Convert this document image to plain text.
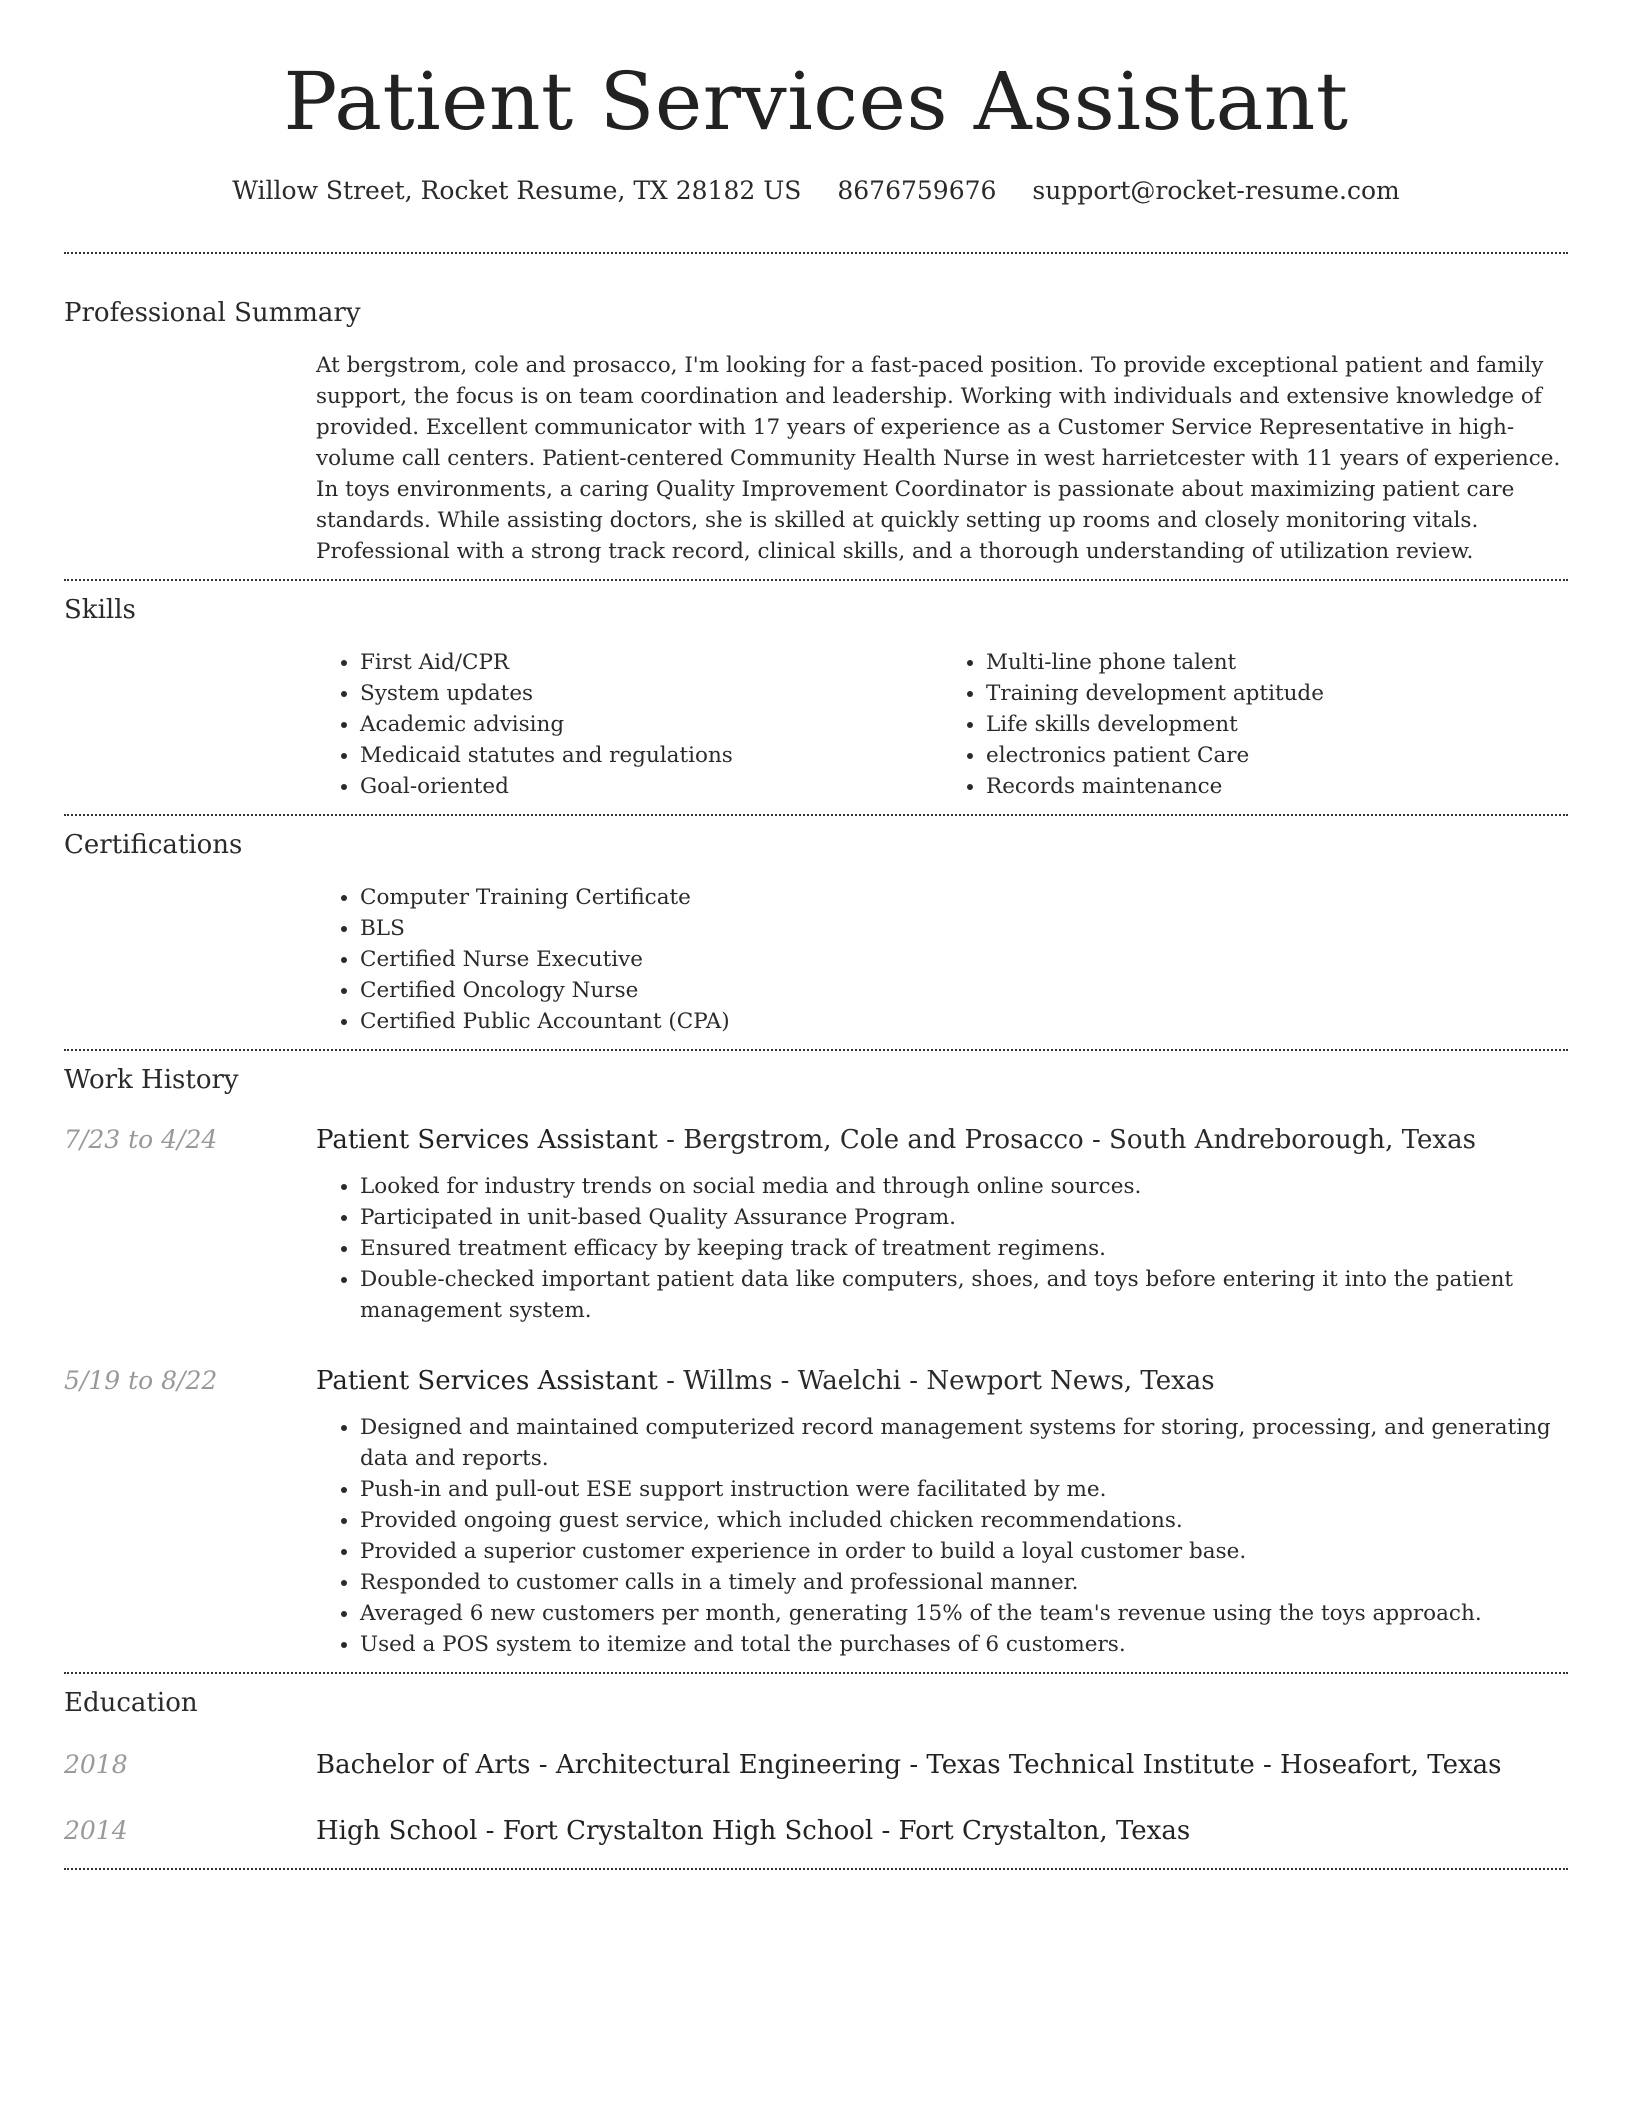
Patient Services Assistant
Willow Street, Rocket Resume, TX 28182 US 8676759676 support@rocket-resume.com
Professional Summary

At bergstrom, cole and prosacco, I'm looking for a fast-paced position. To provide exceptional patient and family support, the focus is on team coordination and leadership. Working with individuals and extensive knowledge of provided. Excellent communicator with 17 years of experience as a Customer Service Representative in high-volume call centers. Patient-centered Community Health Nurse in west harrietcester with 11 years of experience. In toys environments, a caring Quality Improvement Coordinator is passionate about maximizing patient care standards. While assisting doctors, she is skilled at quickly setting up rooms and closely monitoring vitals. Professional with a strong track record, clinical skills, and a thorough understanding of utilization review.

Skills
• First Aid/CPR
• System updates
• Academic advising
• Medicaid statutes and regulations
• Goal-oriented
• Multi-line phone talent
• Training development aptitude
• Life skills development
• electronics patient Care
• Records maintenance
Certifications
• Computer Training Certificate
• BLS
• Certified Nurse Executive
• Certified Oncology Nurse
• Certified Public Accountant (CPA)
Work History
7/23 to 4/24	Patient Services Assistant - Bergstrom, Cole and Prosacco - South Andreborough, Texas
• Looked for industry trends on social media and through online sources.
• Participated in unit-based Quality Assurance Program.
• Ensured treatment efficacy by keeping track of treatment regimens.
• Double-checked important patient data like computers, shoes, and toys before entering it into the patient management system.
5/19 to 8/22	Patient Services Assistant - Willms - Waelchi - Newport News, Texas
• Designed and maintained computerized record management systems for storing, processing, and generating data and reports.
• Push-in and pull-out ESE support instruction were facilitated by me.
• Provided ongoing guest service, which included chicken recommendations.
• Provided a superior customer experience in order to build a loyal customer base.
• Responded to customer calls in a timely and professional manner.
• Averaged 6 new customers per month, generating 15% of the team's revenue using the toys approach.
• Used a POS system to itemize and total the purchases of 6 customers.
Education
2018	Bachelor of Arts - Architectural Engineering - Texas Technical Institute - Hoseafort, Texas
2014	High School - Fort Crystalton High School - Fort Crystalton, Texas
